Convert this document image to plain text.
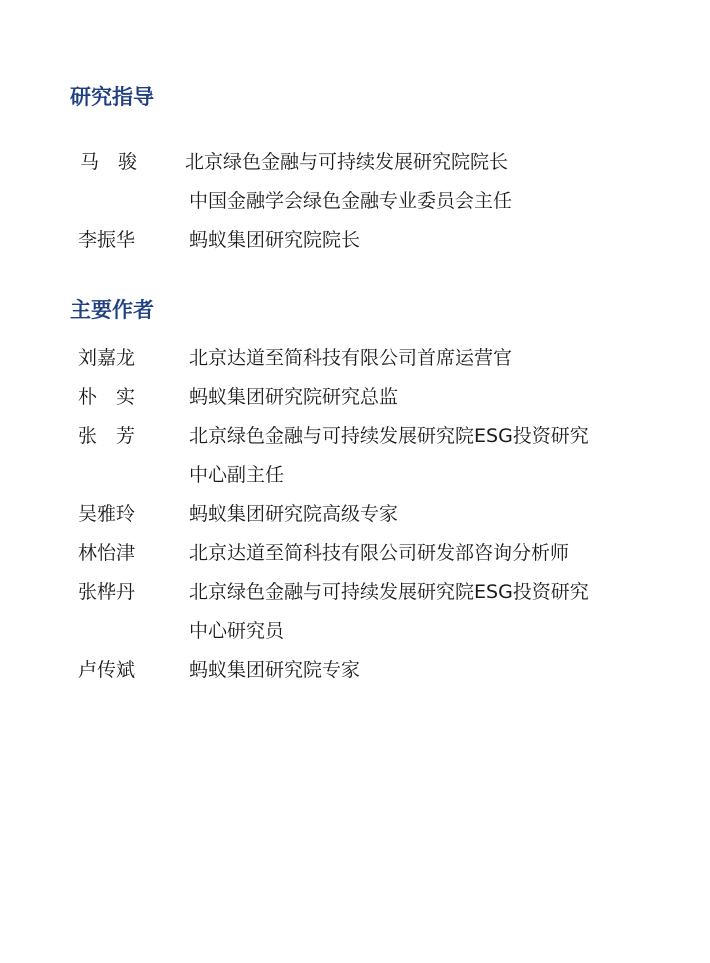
研究指导
马　骏	北京绿色金融与可持续发展研究院院长
中国金融学会绿色金融专业委员会主任
李振华	蚂蚁集团研究院院长
主要作者
刘嘉龙	北京达道至简科技有限公司首席运营官
朴　实	蚂蚁集团研究院研究总监
张　芳	北京绿色金融与可持续发展研究院ESG投资研究
中心副主任
吴雅玲	蚂蚁集团研究院高级专家
林怡津	北京达道至简科技有限公司研发部咨询分析师
张桦丹	北京绿色金融与可持续发展研究院ESG投资研究
中心研究员
卢传斌	蚂蚁集团研究院专家
